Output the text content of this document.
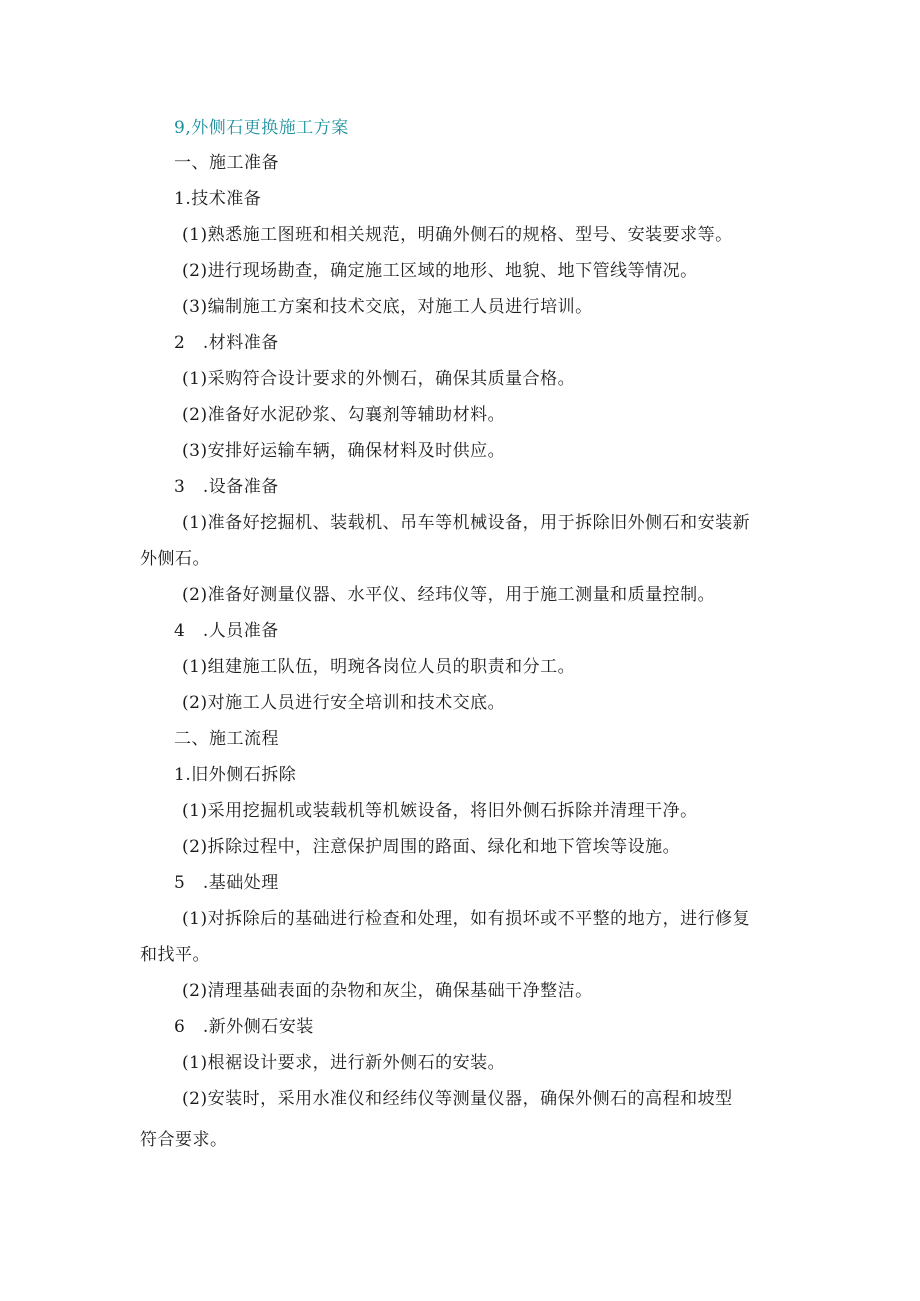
9,外侧石更换施工方案
一、施工准备
1.技术准备
(1)熟悉施工图班和相关规范，明确外侧石的规格、型号、安装要求等。
(2)进行现场勘查，确定施工区域的地形、地貌、地下管线等情况。
(3)编制施工方案和技术交底，对施工人员进行培训。
2　.材料准备
(1)采购符合设计要求的外恻石，确保其质量合格。
(2)准备好水泥砂浆、勾襄剂等辅助材料。
(3)安排好运输车辆，确保材料及时供应。
3　.设备准备
(1)准备好挖掘机、装载机、吊车等机械设备，用于拆除旧外侧石和安装新
外侧石。
(2)准备好测量仪器、水平仪、经玮仪等，用于施工测量和质量控制。
4　.人员准备
(1)组建施工队伍，明琬各岗位人员的职责和分工。
(2)对施工人员进行安全培训和技术交底。
二、施工流程
1.旧外侧石拆除
(1)采用挖掘机或装载机等机嫉设备，将旧外侧石拆除并清理干净。
(2)拆除过程中，注意保护周围的路面、绿化和地下管埃等设施。
5　.基础处理
(1)对拆除后的基础进行检查和处理，如有损坏或不平整的地方，进行修复
和找平。
(2)清理基础表面的杂物和灰尘，确保基础干净整洁。
6　.新外侧石安装
(1)根裾设计要求，进行新外侧石的安装。
(2)安装时，采用水准仪和经纬仪等测量仪器，确保外侧石的高程和坡型
符合要求。
